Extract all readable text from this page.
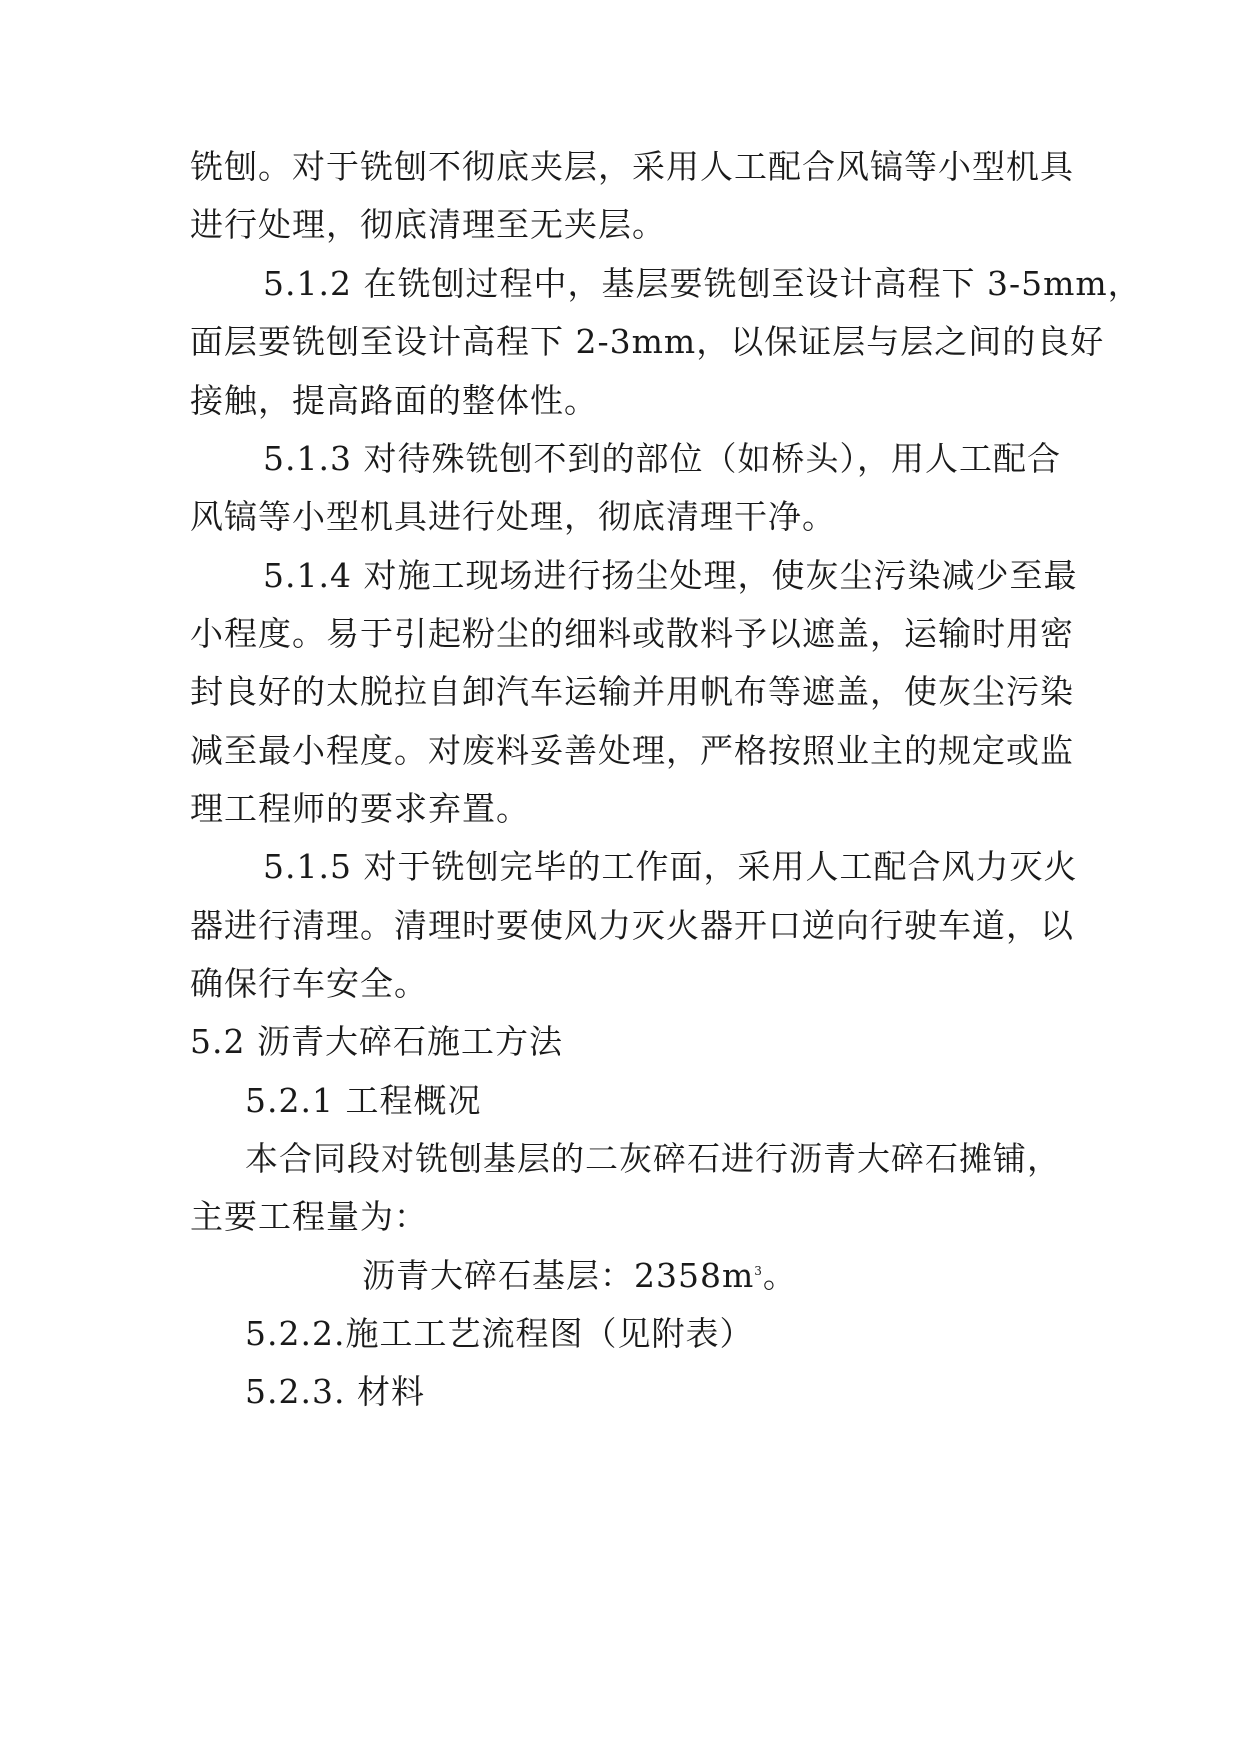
铣刨。对于铣刨不彻底夹层，采用人工配合风镐等小型机具
进行处理，彻底清理至无夹层。
5.1.2 在铣刨过程中，基层要铣刨至设计高程下 3-5mm，
面层要铣刨至设计高程下 2-3mm，以保证层与层之间的良好
接触，提高路面的整体性。
5.1.3 对待殊铣刨不到的部位（如桥头），用人工配合
风镐等小型机具进行处理，彻底清理干净。
5.1.4 对施工现场进行扬尘处理，使灰尘污染减少至最
小程度。易于引起粉尘的细料或散料予以遮盖，运输时用密
封良好的太脱拉自卸汽车运输并用帆布等遮盖，使灰尘污染
减至最小程度。对废料妥善处理，严格按照业主的规定或监
理工程师的要求弃置。
5.1.5 对于铣刨完毕的工作面，采用人工配合风力灭火
器进行清理。清理时要使风力灭火器开口逆向行驶车道，以
确保行车安全。
5.2 沥青大碎石施工方法
5.2.1 工程概况
本合同段对铣刨基层的二灰碎石进行沥青大碎石摊铺，
主要工程量为：
沥青大碎石基层：$2358m^3$。
5.2.2.施工工艺流程图（见附表）
5.2.3. 材料
